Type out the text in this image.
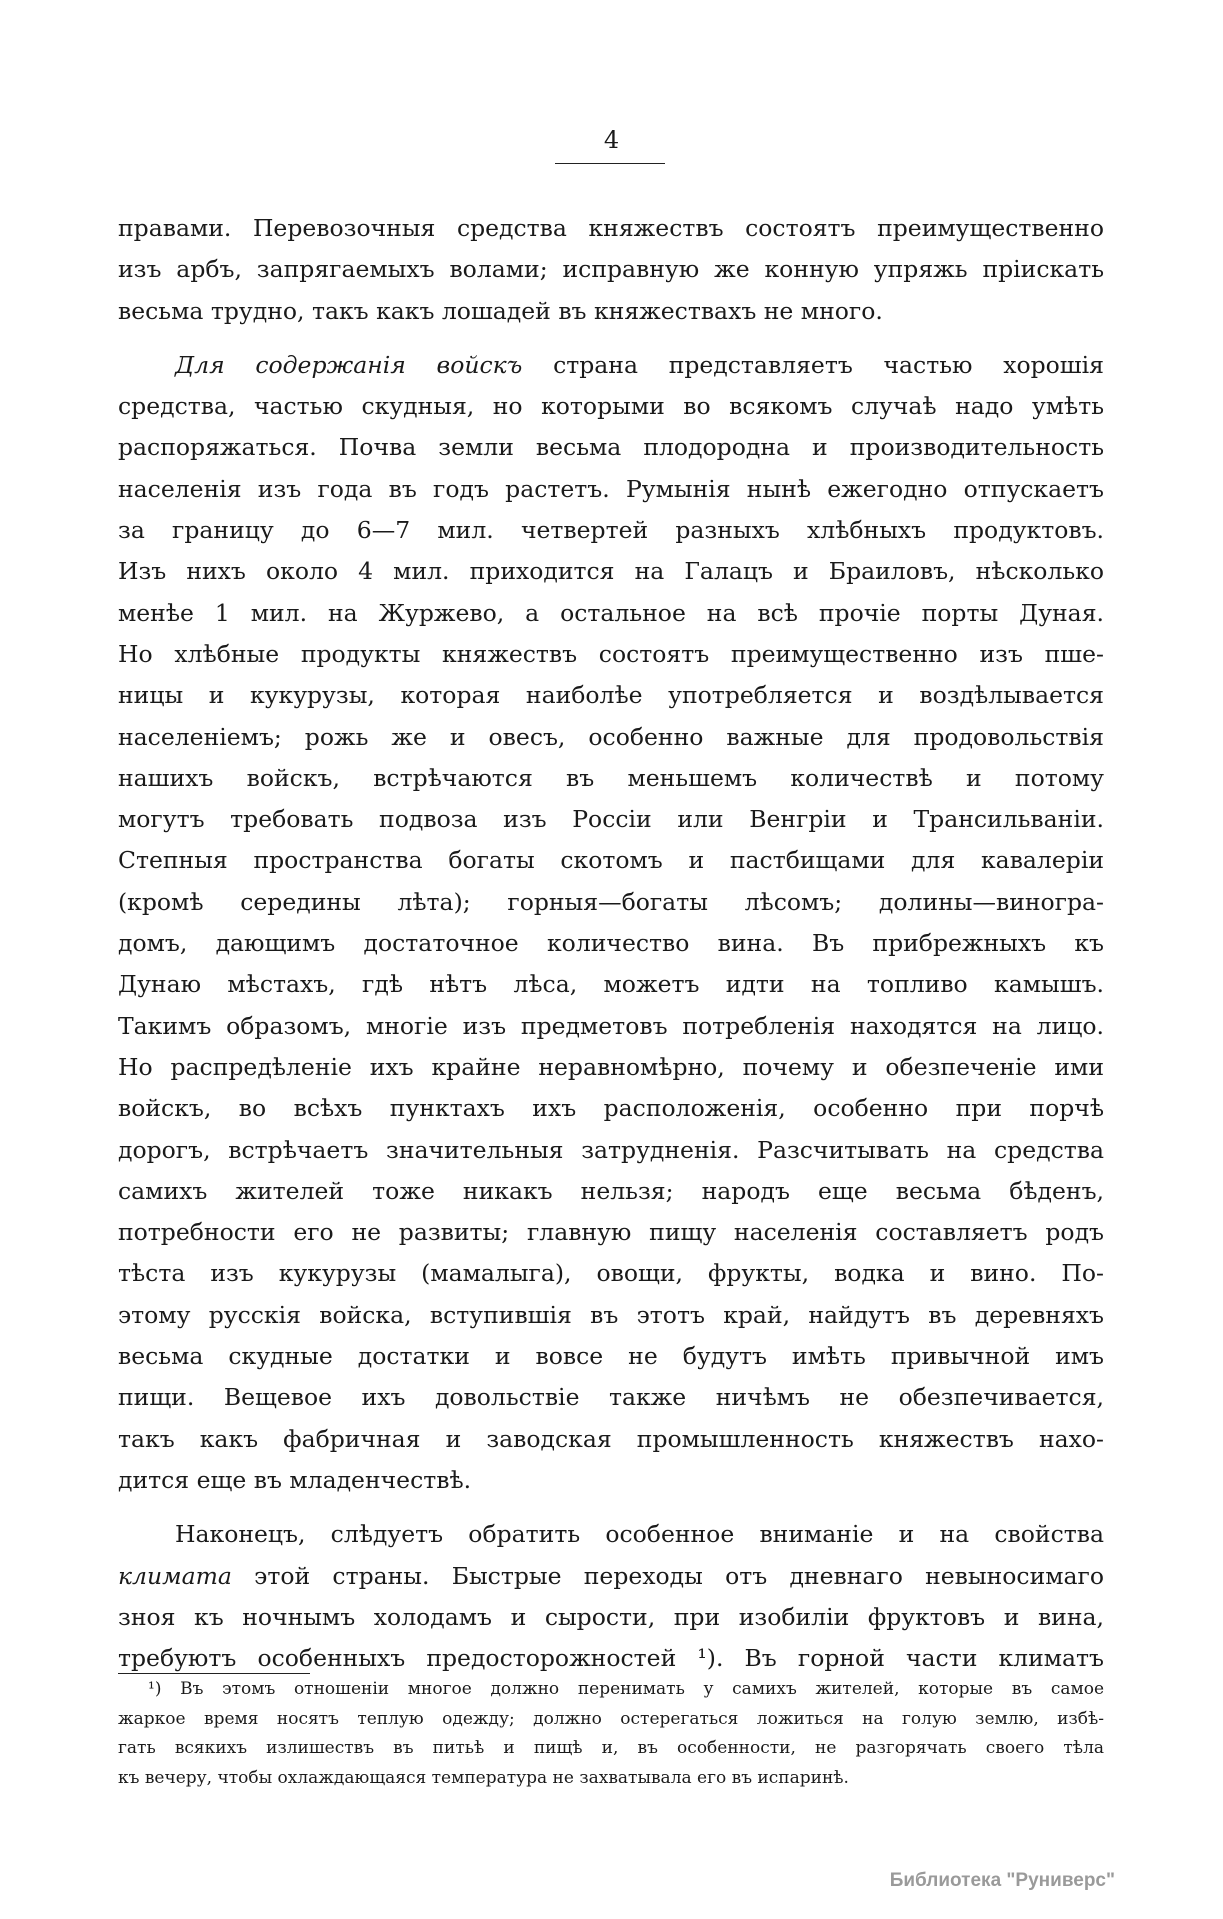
4
правами. Перевозочныя средства княжествъ состоятъ преимущественно
изъ арбъ, запрягаемыхъ волами; исправную же конную упряжь пріискать
весьма трудно, такъ какъ лошадей въ княжествахъ не много.
Для содержанія войскъ страна представляетъ частью хорошія
средства, частью скудныя, но которыми во всякомъ случаѣ надо умѣть
распоряжаться. Почва земли весьма плодородна и производительность
населенія изъ года въ годъ растетъ. Румынія нынѣ ежегодно отпускаетъ
за границу до 6—7 мил. четвертей разныхъ хлѣбныхъ продуктовъ.
Изъ нихъ около 4 мил. приходится на Галацъ и Браиловъ, нѣсколько
менѣе 1 мил. на Журжево, а остальное на всѣ прочіе порты Дуная.
Но хлѣбные продукты княжествъ состоятъ преимущественно изъ пше-
ницы и кукурузы, которая наиболѣе употребляется и воздѣлывается
населеніемъ; рожь же и овесъ, особенно важные для продовольствія
нашихъ войскъ, встрѣчаются въ меньшемъ количествѣ и потому
могутъ требовать подвоза изъ Россіи или Венгріи и Трансильваніи.
Степныя пространства богаты скотомъ и пастбищами для кавалеріи
(кромѣ середины лѣта); горныя—богаты лѣсомъ; долины—виногра-
домъ, дающимъ достаточное количество вина. Въ прибрежныхъ къ
Дунаю мѣстахъ, гдѣ нѣтъ лѣса, можетъ идти на топливо камышъ.
Такимъ образомъ, многіе изъ предметовъ потребленія находятся на лицо.
Но распредѣленіе ихъ крайне неравномѣрно, почему и обезпеченіе ими
войскъ, во всѣхъ пунктахъ ихъ расположенія, особенно при порчѣ
дорогъ, встрѣчаетъ значительныя затрудненія. Разсчитывать на средства
самихъ жителей тоже никакъ нельзя; народъ еще весьма бѣденъ,
потребности его не развиты; главную пищу населенія составляетъ родъ
тѣста изъ кукурузы (мамалыга), овощи, фрукты, водка и вино. По-
этому русскія войска, вступившія въ этотъ край, найдутъ въ деревняхъ
весьма скудные достатки и вовсе не будутъ имѣть привычной имъ
пищи. Вещевое ихъ довольствіе также ничѣмъ не обезпечивается,
такъ какъ фабричная и заводская промышленность княжествъ нахо-
дится еще въ младенчествѣ.
Наконецъ, слѣдуетъ обратить особенное вниманіе и на свойства
климата этой страны. Быстрые переходы отъ дневнаго невыносимаго
зноя къ ночнымъ холодамъ и сырости, при изобиліи фруктовъ и вина,
требуютъ особенныхъ предосторожностей ¹). Въ горной части климатъ
¹) Въ этомъ отношеніи многое должно перенимать у самихъ жителей, которые въ самое
жаркое время носятъ теплую одежду; должно остерегаться ложиться на голую землю, избѣ-
гать всякихъ излишествъ въ питьѣ и пищѣ и, въ особенности, не разгорячать своего тѣла
къ вечеру, чтобы охлаждающаяся температура не захватывала его въ испаринѣ.
Библиотека "Руниверс"
